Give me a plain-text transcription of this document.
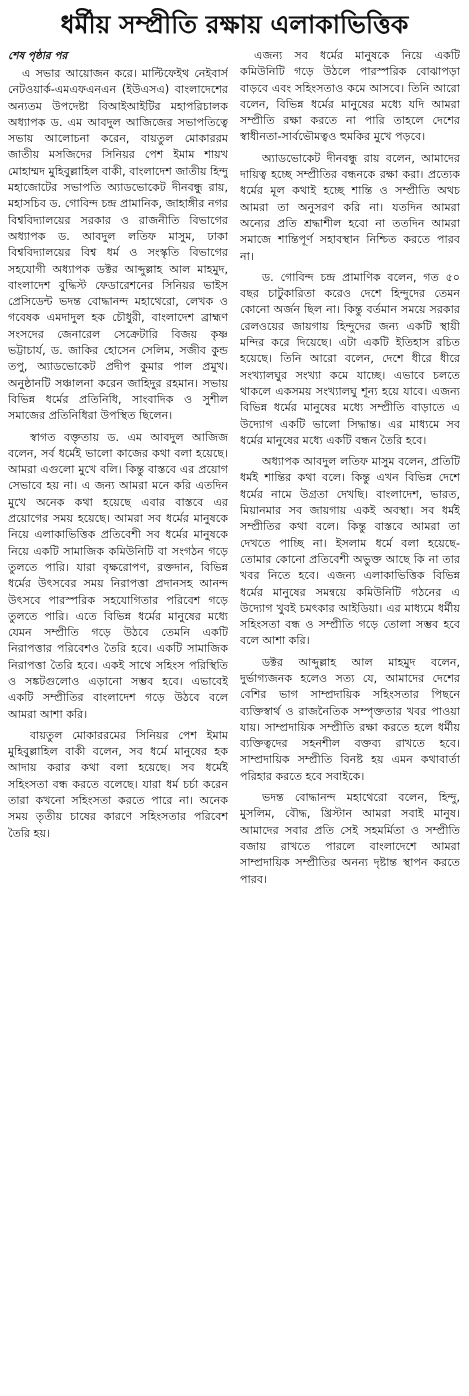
ধর্মীয় সম্প্রীতি রক্ষায় এলাকাভিত্তিক
শেষ পৃষ্ঠার পর

এ সভার আয়োজন করে। মাল্টিফেইথ নেইবার্স নেটওয়ার্ক-এমএফএনএন (ইউএসএ) বাংলাদেশের অন্যতম উপদেষ্টা বিআইআইটির মহাপরিচালক অধ্যাপক ড. এম আবদুল আজিজের সভাপতিত্বে সভায় আলোচনা করেন, বায়তুল মোকাররম জাতীয় মসজিদের সিনিয়র পেশ ইমাম শায়খ মোহাম্মদ মুহিবুল্লাহিল বাকী, বাংলাদেশ জাতীয় হিন্দু মহাজোটের সভাপতি অ্যাডভোকেট দীনবন্ধু রায়, মহাসচিব ড. গোবিন্দ চন্দ্র প্রামানিক, জাহাঙ্গীর নগর বিশ্ববিদ্যালয়ের সরকার ও রাজনীতি বিভাগের অধ্যাপক ড. আবদুল লতিফ মাসুম, ঢাকা বিশ্ববিদ্যালয়ের বিশ্ব ধর্ম ও সংস্কৃতি বিভাগের সহযোগী অধ্যাপক ডক্টর আব্দুল্লাহ আল মাহমুদ, বাংলাদেশ বুদ্ধিস্ট ফেডারেশনের সিনিয়র ভাইস প্রেসিডেন্ট ভদন্ত বোদ্ধানন্দ মহাথেরো, লেখক ও গবেষক এমদাদুল হক চৌধুরী, বাংলাদেশ ব্রাহ্মণ সংসদের জেনারেল সেক্রেটারি বিজয় কৃষ্ণ ভট্টাচার্য, ড. জাকির হোসেন সেলিম, সজীব কুন্ড তপু, অ্যাডভোকেট প্রদীপ কুমার পাল প্রমুখ। অনুষ্ঠানটি সঞ্চালনা করেন জাহিদুর রহমান। সভায় বিভিন্ন ধর্মের প্রতিনিধি, সাংবাদিক ও সুশীল সমাজের প্রতিনিধিরা উপস্থিত ছিলেন।

স্বাগত বক্তৃতায় ড. এম আবদুল আজিজ বলেন, সর্ব ধর্মেই ভালো কাজের কথা বলা হয়েছে। আমরা এগুলো মুখে বলি। কিন্তু বাস্তবে এর প্রয়োগ সেভাবে হয় না। এ জন্য আমরা মনে করি এতদিন মুখে অনেক কথা হয়েছে এবার বাস্তবে এর প্রয়োগের সময় হয়েছে। আমরা সব ধর্মের মানুষকে নিয়ে এলাকাভিত্তিক প্রতিবেশী সব ধর্মের মানুষকে নিয়ে একটি সামাজিক কমিউনিটি বা সংগঠন গড়ে তুলতে পারি। যারা বৃক্ষরোপণ, রক্তদান, বিভিন্ন ধর্মের উৎসবের সময় নিরাপত্তা প্রদানসহ আনন্দ উৎসবে পারস্পরিক সহযোগিতার পরিবেশ গড়ে তুলতে পারি। এতে বিভিন্ন ধর্মের মানুষের মধ্যে যেমন সম্প্রীতি গড়ে উঠবে তেমনি একটি নিরাপত্তার পরিবেশও তৈরি হবে। একটি সামাজিক নিরাপত্তা তৈরি হবে। একই সাথে সহিংস পরিস্থিতি ও সঙ্কটগুলোও এড়ানো সম্ভব হবে। এভাবেই একটি সম্প্রীতির বাংলাদেশ গড়ে উঠবে বলে আমরা আশা করি।

বায়তুল মোকাররমের সিনিয়র পেশ ইমাম মুহিবুল্লাহিল বাকী বলেন, সব ধর্মে মানুষের হক আদায় করার কথা বলা হয়েছে। সব ধর্মেই সহিংসতা বন্ধ করতে বলেছে। যারা ধর্ম চর্চা করেন তারা কখনো সহিংসতা করতে পারে না। অনেক সময় তৃতীয় চাষের কারণে সহিংসতার পরিবেশ তৈরি হয়।

এজন্য সব ধর্মের মানুষকে নিয়ে একটি কমিউনিটি গড়ে উঠলে পারস্পরিক বোঝাপড়া বাড়বে এবং সহিংসতাও কমে আসবে। তিনি আরো বলেন, বিভিন্ন ধর্মের মানুষের মধ্যে যদি আমরা সম্প্রীতি রক্ষা করতে না পারি তাহলে দেশের স্বাধীনতা-সার্বভৌমত্বও হুমকির মুখে পড়বে।

অ্যাডভোকেট দীনবন্ধু রায় বলেন, আমাদের দায়িত্ব হচ্ছে সম্প্রীতির বন্ধনকে রক্ষা করা। প্রত্যেক ধর্মের মূল কথাই হচ্ছে শান্তি ও সম্প্রীতি অথচ আমরা তা অনুসরণ করি না। যতদিন আমরা অন্যের প্রতি শ্রদ্ধাশীল হবো না ততদিন আমরা সমাজে শান্তিপূর্ণ সহাবস্থান নিশ্চিত করতে পারব না।

ড. গোবিন্দ চন্দ্র প্রামাণিক বলেন, গত ৫০ বছর চাটুকারিতা করেও দেশে হিন্দুদের তেমন কোনো অর্জন ছিল না। কিন্তু বর্তমান সময়ে সরকার রেলওয়ের জায়গায় হিন্দুদের জন্য একটি স্থায়ী মন্দির করে দিয়েছে। এটা একটি ইতিহাস রচিত হয়েছে। তিনি আরো বলেন, দেশে ধীরে ধীরে সংখ্যালঘুর সংখ্যা কমে যাচ্ছে। এভাবে চলতে থাকলে একসময় সংখ্যালঘু শূন্য হয়ে যাবে। এজন্য বিভিন্ন ধর্মের মানুষের মধ্যে সম্প্রীতি বাড়াতে এ উদ্যোগ একটি ভালো সিদ্ধান্ত। এর মাধ্যমে সব ধর্মের মানুষের মধ্যে একটি বন্ধন তৈরি হবে।

অধ্যাপক আবদুল লতিফ মাসুম বলেন, প্রতিটি ধর্মই শান্তির কথা বলে। কিন্তু এখন বিভিন্ন দেশে ধর্মের নামে উগ্রতা দেখছি। বাংলাদেশ, ভারত, মিয়ানমার সব জায়গায় একই অবস্থা। সব ধর্মই সম্প্রীতির কথা বলে। কিন্তু বাস্তবে আমরা তা দেখতে পাচ্ছি না। ইসলাম ধর্মে বলা হয়েছে- তোমার কোনো প্রতিবেশী অভুক্ত আছে কি না তার খবর নিতে হবে। এজন্য এলাকাভিত্তিক বিভিন্ন ধর্মের মানুষের সমন্বয়ে কমিউনিটি গঠনের এ উদ্যোগ খুবই চমৎকার আইডিয়া। এর মাধ্যমে ধর্মীয় সহিংসতা বন্ধ ও সম্প্রীতি গড়ে তোলা সম্ভব হবে বলে আশা করি।

ডক্টর আব্দুল্লাহ আল মাহমুদ বলেন, দুর্ভাগ্যজনক হলেও সত্য যে, আমাদের দেশের বেশির ভাগ সাম্প্রদায়িক সহিংসতার পিছনে ব্যক্তিস্বার্থ ও রাজনৈতিক সম্পৃক্ততার খবর পাওয়া যায়। সাম্প্রদায়িক সম্প্রীতি রক্ষা করতে হলে ধর্মীয় ব্যক্তিত্বদের সহনশীল বক্তব্য রাখতে হবে। সাম্প্রদায়িক সম্প্রীতি বিনষ্ট হয় এমন কথাবার্তা পরিহার করতে হবে সবাইকে।

ভদন্ত বোদ্ধানন্দ মহাথেরো বলেন, হিন্দু, মুসলিম, বৌদ্ধ, খ্রিস্টান আমরা সবাই মানুষ। আমাদের সবার প্রতি সেই সহমর্মিতা ও সম্প্রীতি বজায় রাখতে পারলে বাংলাদেশে আমরা সাম্প্রদায়িক সম্প্রীতির অনন্য দৃষ্টান্ত স্থাপন করতে পারব।
